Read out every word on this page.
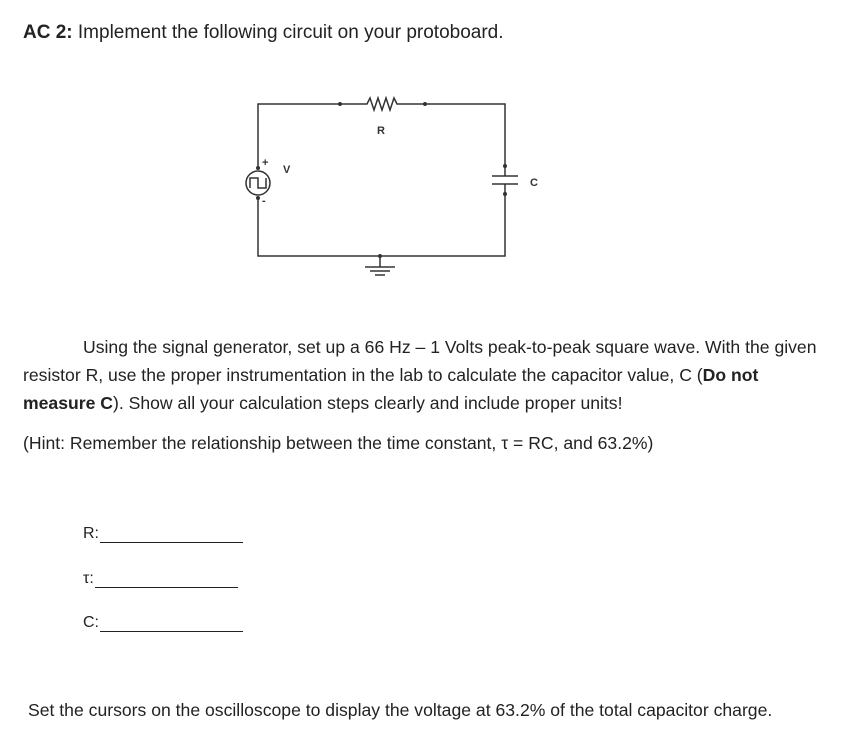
AC 2: Implement the following circuit on your protoboard.
+
-
V
R
C
Using the signal generator, set up a 66 Hz – 1 Volts peak-to-peak square wave. With the given resistor R, use the proper instrumentation in the lab to calculate the capacitor value, C (Do not measure C). Show all your calculation steps clearly and include proper units!
(Hint: Remember the relationship between the time constant, τ = RC, and 63.2%)
R:
τ:
C:
Set the cursors on the oscilloscope to display the voltage at 63.2% of the total capacitor charge.
